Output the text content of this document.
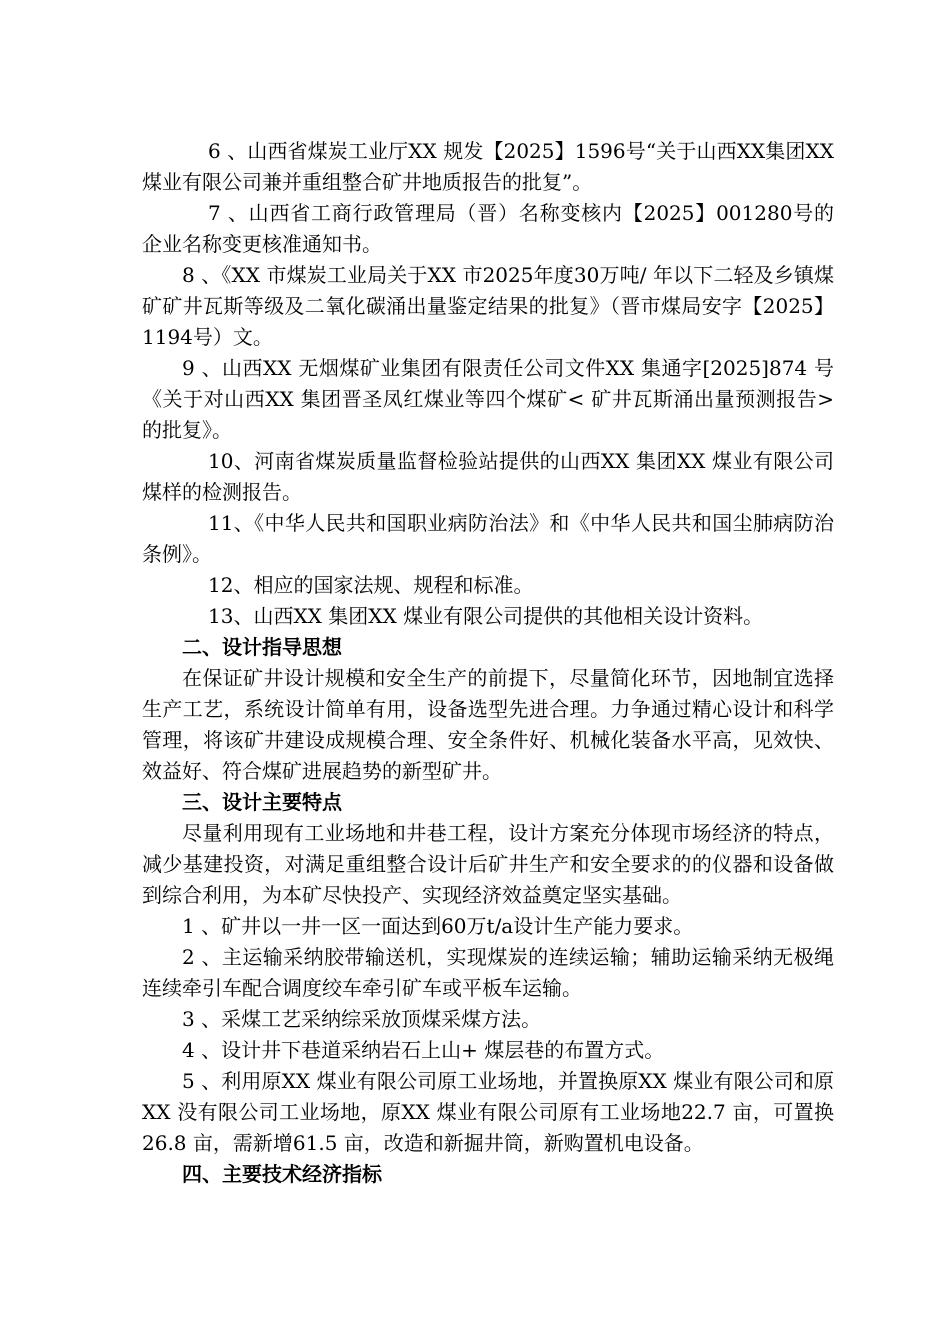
6 、山西省煤炭工业厅XX 规发【2025】1596号“关于山西XX集团XX 煤业有限公司兼并重组整合矿井地质报告的批复”。

7 、山西省工商行政管理局（晋）名称变核内【2025】001280号的企业名称变更核准通知书。

8 、《XX 市煤炭工业局关于XX 市2025年度30万吨/ 年以下二轻及乡镇煤矿矿井瓦斯等级及二氧化碳涌出量鉴定结果的批复》（晋市煤局安字【2025】1194号）文。

9 、山西XX 无烟煤矿业集团有限责任公司文件XX 集通字[2025]874 号《关于对山西XX 集团晋圣凤红煤业等四个煤矿< 矿井瓦斯涌出量预测报告> 的批复》。

10、河南省煤炭质量监督检验站提供的山西XX 集团XX 煤业有限公司煤样的检测报告。

11、《中华人民共和国职业病防治法》和《中华人民共和国尘肺病防治条例》。

12、相应的国家法规、规程和标准。

13、山西XX 集团XX 煤业有限公司提供的其他相关设计资料。

二、设计指导思想

在保证矿井设计规模和安全生产的前提下，尽量简化环节，因地制宜选择生产工艺，系统设计简单有用，设备选型先进合理。力争通过精心设计和科学管理，将该矿井建设成规模合理、安全条件好、机械化装备水平高，见效快、效益好、符合煤矿进展趋势的新型矿井。

三、设计主要特点

尽量利用现有工业场地和井巷工程，设计方案充分体现市场经济的特点，减少基建投资，对满足重组整合设计后矿井生产和安全要求的的仪器和设备做到综合利用，为本矿尽快投产、实现经济效益奠定坚实基础。

1 、矿井以一井一区一面达到60万t/a设计生产能力要求。

2 、主运输采纳胶带输送机，实现煤炭的连续运输；辅助运输采纳无极绳连续牵引车配合调度绞车牵引矿车或平板车运输。

3 、采煤工艺采纳综采放顶煤采煤方法。

4 、设计井下巷道采纳岩石上山+ 煤层巷的布置方式。

5 、利用原XX 煤业有限公司原工业场地，并置换原XX 煤业有限公司和原XX 没有限公司工业场地，原XX 煤业有限公司原有工业场地22.7 亩，可置换26.8 亩，需新增61.5 亩，改造和新掘井筒，新购置机电设备。

四、主要技术经济指标
